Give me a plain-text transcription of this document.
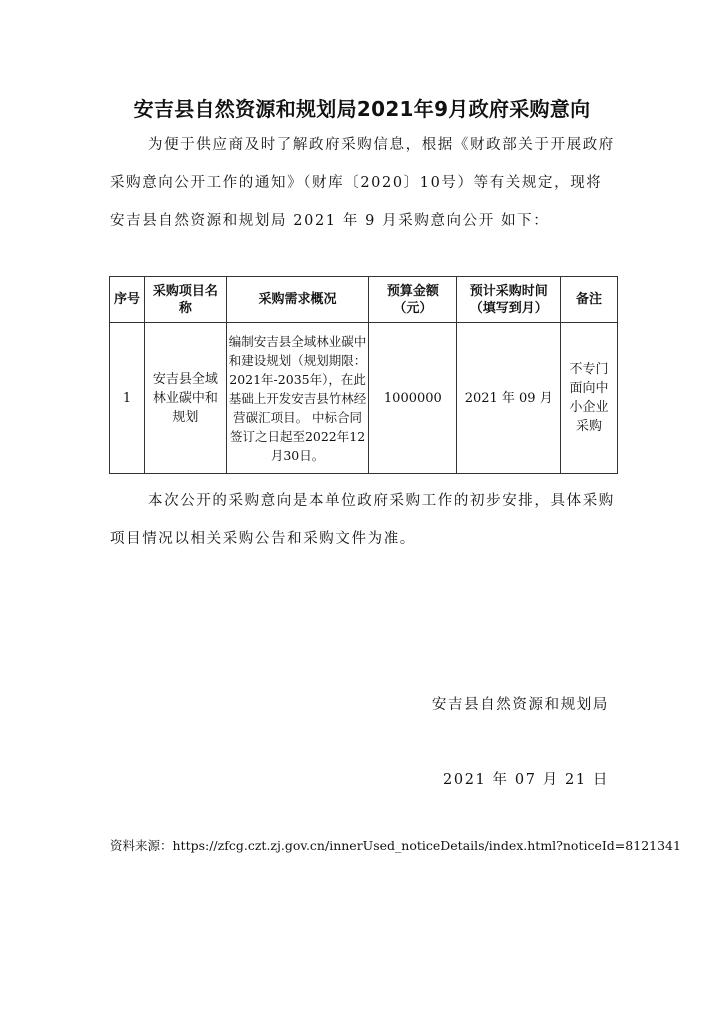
安吉县自然资源和规划局2021年9月政府采购意向

为便于供应商及时了解政府采购信息，根据《财政部关于开展政府采购意向公开工作的通知》（财库〔2020〕10号）等有关规定，现将 安吉县自然资源和规划局 2021 年 9 月采购意向公开 如下：

序号	采购项目名称	采购需求概况	预算金额（元）	预计采购时间（填写到月）	备注
1	安吉县全域林业碳中和规划	编制安吉县全域林业碳中和建设规划（规划期限：2021年-2035年），在此基础上开发安吉县竹林经营碳汇项目。 中标合同签订之日起至2022年12月30日。	1000000	2021 年 09 月	不专门面向中小企业采购

本次公开的采购意向是本单位政府采购工作的初步安排，具体采购项目情况以相关采购公告和采购文件为准。

安吉县自然资源和规划局
2021 年 07 月 21 日
资料来源：https://zfcg.czt.zj.gov.cn/innerUsed_noticeDetails/index.html?noticeId=8121341
